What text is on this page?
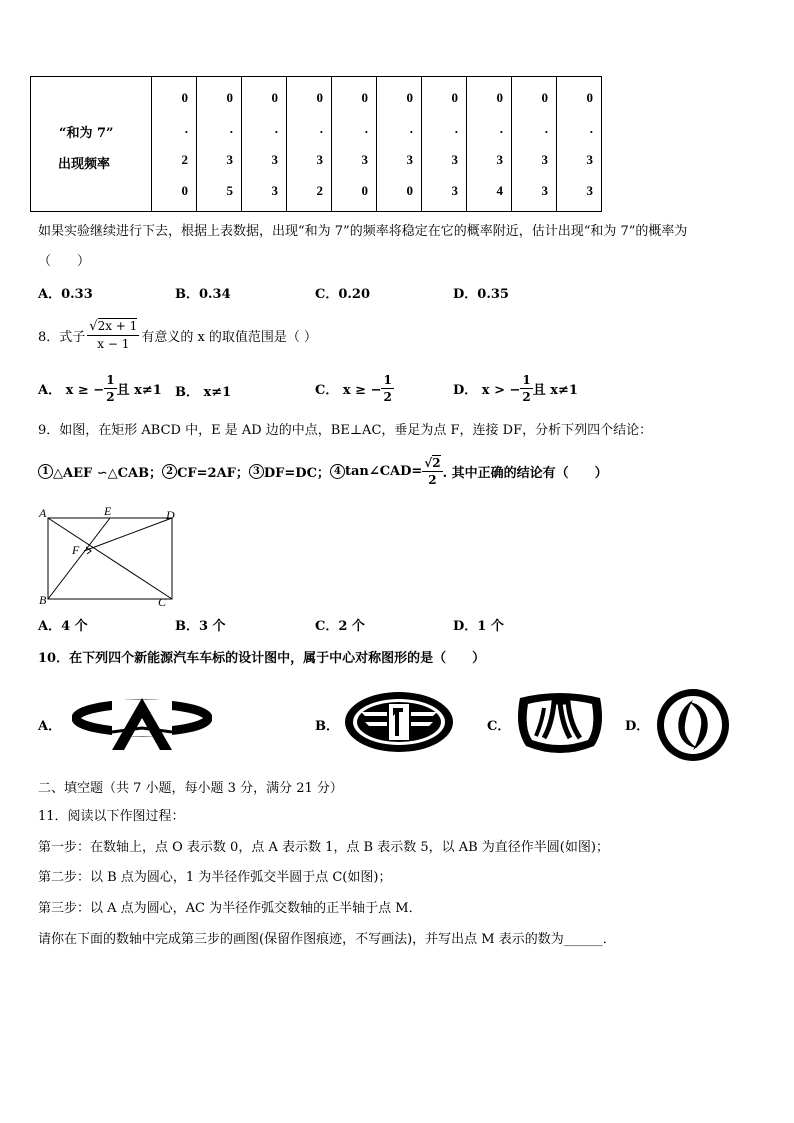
“和为 7”
出现频率

0
.
2
0

0
.
3
5

0
.
3
3

0
.
3
2

0
.
3
0

0
.
3
0

0
.
3
3

0
.
3
4

0
.
3
3

0
.
3
3
如果实验继续进行下去，根据上表数据，出现“和为 7”的频率将稳定在它的概率附近，估计出现“和为 7”的概率为
（　　）
A．0.33	B．0.34	C．0.20	D．0.35
8．式子 $\frac{√2x + 1}{x - 1}$ 有意义的 x 的取值范围是（ ）
A． x ≥ − $\frac{1}{2}$ 且 x≠1 B． x≠1	C． x ≥ − $\frac{1}{2}$	D． x > − $\frac{1}{2}$ 且 x≠1
9．如图，在矩形 ABCD 中，E 是 AD 边的中点，BE⊥AC，垂足为点 F，连接 DF，分析下列四个结论：
1 △AEF ∽△CAB； 2 CF=2AF； 3 DF=DC； 4 tan∠CAD= $\frac{√2}{2}$ . 其中正确的结论有（　　）
A	E	D
F
B	C
A．4 个	B．3 个	C．2 个	D．1 个
10．在下列四个新能源汽车车标的设计图中，属于中心对称图形的是（　　）
A．	B．	C．	D．
二、填空题（共 7 小题，每小题 3 分，满分 21 分）
11．阅读以下作图过程：
第一步：在数轴上，点 O 表示数 0，点 A 表示数 1，点 B 表示数 5，以 AB 为直径作半圆(如图)；
第二步：以 B 点为圆心，1 为半径作弧交半圆于点 C(如图)；
第三步：以 A 点为圆心，AC 为半径作弧交数轴的正半轴于点 M．
请你在下面的数轴中完成第三步的画图(保留作图痕迹，不写画法)，并写出点 M 表示的数为______．
